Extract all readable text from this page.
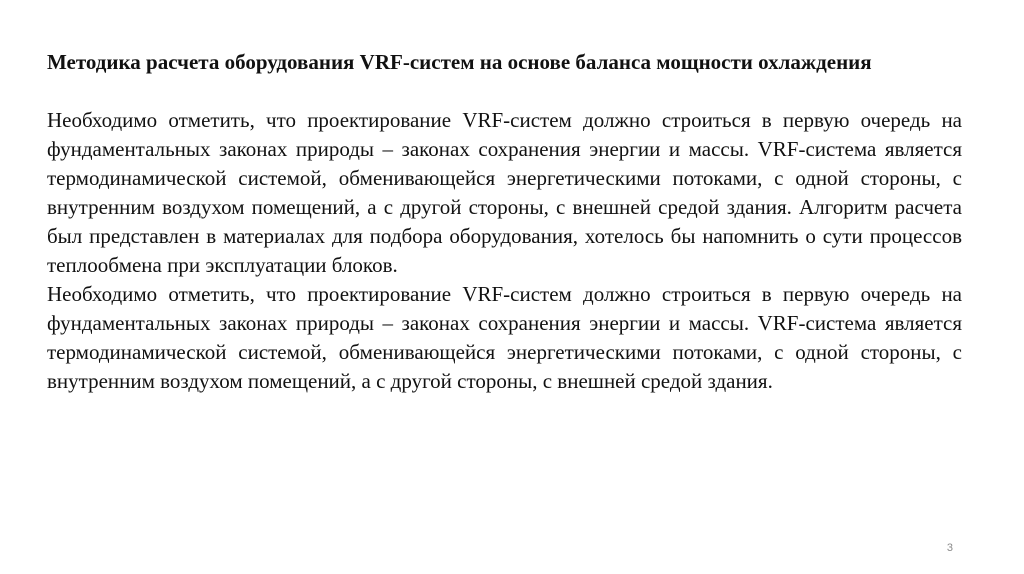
Методика расчета оборудования VRF-систем на основе баланса мощности охлаждения

Необходимо отметить, что проектирование VRF-систем должно строиться в первую очередь на фундаментальных законах природы – законах сохранения энергии и массы. VRF-система является термодинамической системой, обменивающейся энергетическими потоками, с одной стороны, с внутренним воздухом помещений, а с другой стороны, с внешней средой здания. Алгоритм расчета был представлен в материалах для подбора оборудования, хотелось бы напомнить о сути процессов теплообмена при эксплуатации блоков.

Необходимо отметить, что проектирование VRF-систем должно строиться в первую очередь на фундаментальных законах природы – законах сохранения энергии и массы. VRF-система является термодинамической системой, обменивающейся энергетическими потоками, с одной стороны, с внутренним воздухом помещений, а с другой стороны, с внешней средой здания.

3
